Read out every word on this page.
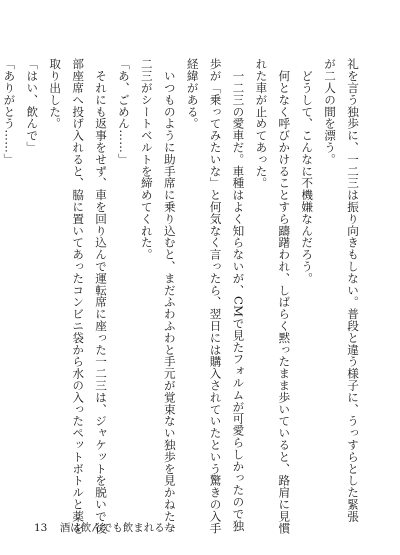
礼を言う独歩に、一二三は振り向きもしない。普段と違う様子に、うっすらとした緊張

が二人の間を漂う。

　どうして、こんなに不機嫌なんだろう。

　何となく呼びかけることすら躊躇われ、しばらく黙ったまま歩いていると、路肩に見慣

れた車が止めてあった。

　一二三の愛車だ。車種はよく知らないが、CMで見たフォルムが可愛らしかったので独

歩が「乗ってみたいな」と何気なく言ったら、翌日には購入されていたという驚きの入手

経緯がある。

　いつものように助手席に乗り込むと、まだふわふわと手元が覚束ない独歩を見かねた一

二三がシートベルトを締めてくれた。

「あ、ごめん……」

　それにも返事をせず、車を回り込んで運転席に座った一二三は、ジャケットを脱いで後

部座席へ投げ入れると、脇に置いてあったコンビニ袋から水の入ったペットボトルと薬を

取り出した。

「はい、飲んで」

「ありがとう……」

13 酒は飲んでも飲まれるな
